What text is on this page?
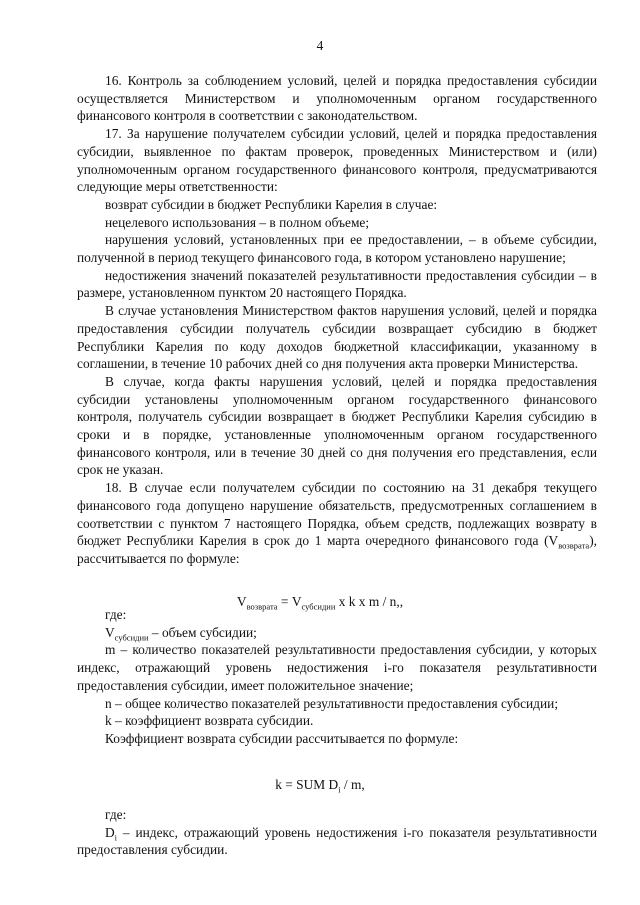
4

16. Контроль за соблюдением условий, целей и порядка предоставления субсидии осуществляется Министерством и уполномоченным органом государственного финансового контроля в соответствии с законодательством.

17. За нарушение получателем субсидии условий, целей и порядка предоставления субсидии, выявленное по фактам проверок, проведенных Министерством и (или) уполномоченным органом государственного финансового контроля, предусматриваются следующие меры ответственности:

возврат субсидии в бюджет Республики Карелия в случае:

нецелевого использования – в полном объеме;

нарушения условий, установленных при ее предоставлении, – в объеме субсидии, полученной в период текущего финансового года, в котором установлено нарушение;

недостижения значений показателей результативности предоставления субсидии – в размере, установленном пунктом 20 настоящего Порядка.

В случае установления Министерством фактов нарушения условий, целей и порядка предоставления субсидии получатель субсидии возвращает субсидию в бюджет Республики Карелия по коду доходов бюджетной классификации, указанному в соглашении, в течение 10 рабочих дней со дня получения акта проверки Министерства.

В случае, когда факты нарушения условий, целей и порядка предоставления субсидии установлены уполномоченным органом государственного финансового контроля, получатель субсидии возвращает в бюджет Республики Карелия субсидию в сроки и в порядке, установленные уполномоченным органом государственного финансового контроля, или в течение 30 дней со дня получения его представления, если срок не указан.

18. В случае если получателем субсидии по состоянию на 31 декабря текущего финансового года допущено нарушение обязательств, предусмотренных соглашением в соответствии с пунктом 7 настоящего Порядка, объем средств, подлежащих возврату в бюджет Республики Карелия в срок до 1 марта очередного финансового года $(V_{возврата})$, рассчитывается по формуле:

$V_{возврата} = V_{субсидии}$ x k x m / n,,

где:

$V_{субсидии}$ – объем субсидии;

m – количество показателей результативности предоставления субсидии, у которых индекс, отражающий уровень недостижения i-го показателя результативности предоставления субсидии, имеет положительное значение;

n – общее количество показателей результативности предоставления субсидии;

k – коэффициент возврата субсидии.

Коэффициент возврата субсидии рассчитывается по формуле:

k = SUM $D_i$ / m,

где:

$D_i$ – индекс, отражающий уровень недостижения i-го показателя результативности предоставления субсидии.
